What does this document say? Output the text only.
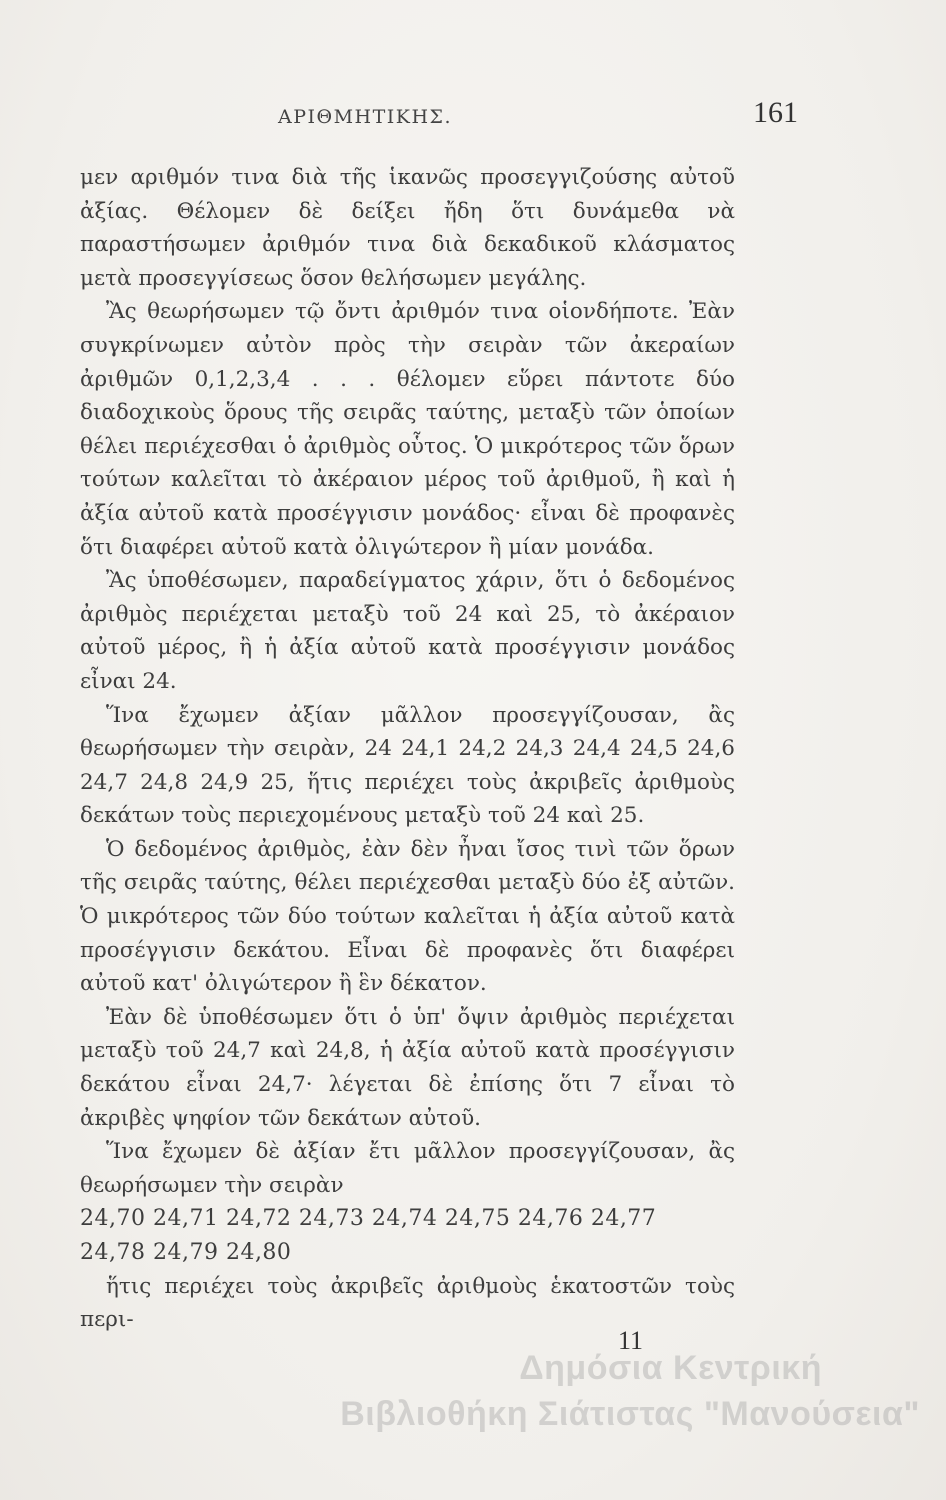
ΑΡΙΘΜΗΤΙΚΗΣ.	161

μεν αριθμόν τινα διὰ τῆς ἱκανῶς προσεγγιζούσης αὐτοῦ ἀξίας. Θέλομεν δὲ δείξει ἤδη ὅτι δυνάμεθα νὰ παραστήσωμεν ἀριθμόν τινα διὰ δεκαδικοῦ κλάσματος μετὰ προσεγγίσεως ὅσον θελήσωμεν μεγάλης.

Ἂς θεωρήσωμεν τῷ ὄντι ἀριθμόν τινα οἱονδήποτε. Ἐὰν συγκρίνωμεν αὐτὸν πρὸς τὴν σειρὰν τῶν ἀκεραίων ἀριθμῶν 0,1,2,3,4 . . . θέλομεν εὕρει πάντοτε δύο διαδοχικοὺς ὅρους τῆς σειρᾶς ταύτης, μεταξὺ τῶν ὁποίων θέλει περιέχεσθαι ὁ ἀριθμὸς οὗτος. Ὁ μικρότερος τῶν ὅρων τούτων καλεῖται τὸ ἀκέραιον μέρος τοῦ ἀριθμοῦ, ἢ καὶ ἡ ἀξία αὐτοῦ κατὰ προσέγγισιν μονάδος· εἶναι δὲ προφανὲς ὅτι διαφέρει αὐτοῦ κατὰ ὀλιγώτερον ἢ μίαν μονάδα.

Ἂς ὑποθέσωμεν, παραδείγματος χάριν, ὅτι ὁ δεδομένος ἀριθμὸς περιέχεται μεταξὺ τοῦ 24 καὶ 25, τὸ ἀκέραιον αὐτοῦ μέρος, ἢ ἡ ἀξία αὐτοῦ κατὰ προσέγγισιν μονάδος εἶναι 24.

Ἵνα ἔχωμεν ἀξίαν μᾶλλον προσεγγίζουσαν, ἂς θεωρήσωμεν τὴν σειρὰν, 24 24,1 24,2 24,3 24,4 24,5 24,6 24,7 24,8 24,9 25, ἥτις περιέχει τοὺς ἀκριβεῖς ἀριθμοὺς δεκάτων τοὺς περιεχομένους μεταξὺ τοῦ 24 καὶ 25.

Ὁ δεδομένος ἀριθμὸς, ἐὰν δὲν ἦναι ἴσος τινὶ τῶν ὅρων τῆς σειρᾶς ταύτης, θέλει περιέχεσθαι μεταξὺ δύο ἐξ αὐτῶν. Ὁ μικρότερος τῶν δύο τούτων καλεῖται ἡ ἀξία αὐτοῦ κατὰ προσέγγισιν δεκάτου. Εἶναι δὲ προφανὲς ὅτι διαφέρει αὐτοῦ κατ' ὀλιγώτερον ἢ ἓν δέκατον.

Ἐὰν δὲ ὑποθέσωμεν ὅτι ὁ ὑπ' ὄψιν ἀριθμὸς περιέχεται μεταξὺ τοῦ 24,7 καὶ 24,8, ἡ ἀξία αὐτοῦ κατὰ προσέγγισιν δεκάτου εἶναι 24,7· λέγεται δὲ ἐπίσης ὅτι 7 εἶναι τὸ ἀκριβὲς ψηφίον τῶν δεκάτων αὐτοῦ.

Ἵνα ἔχωμεν δὲ ἀξίαν ἔτι μᾶλλον προσεγγίζουσαν, ἂς θεωρήσωμεν τὴν σειρὰν

24,70 24,71 24,72 24,73 24,74 24,75 24,76 24,77

24,78 24,79 24,80

ἥτις περιέχει τοὺς ἀκριβεῖς ἀριθμοὺς ἑκατοστῶν τοὺς περι-

11
Δημόσια Κεντρική
Βιβλιοθήκη Σιάτιστας "Μανούσεια"
